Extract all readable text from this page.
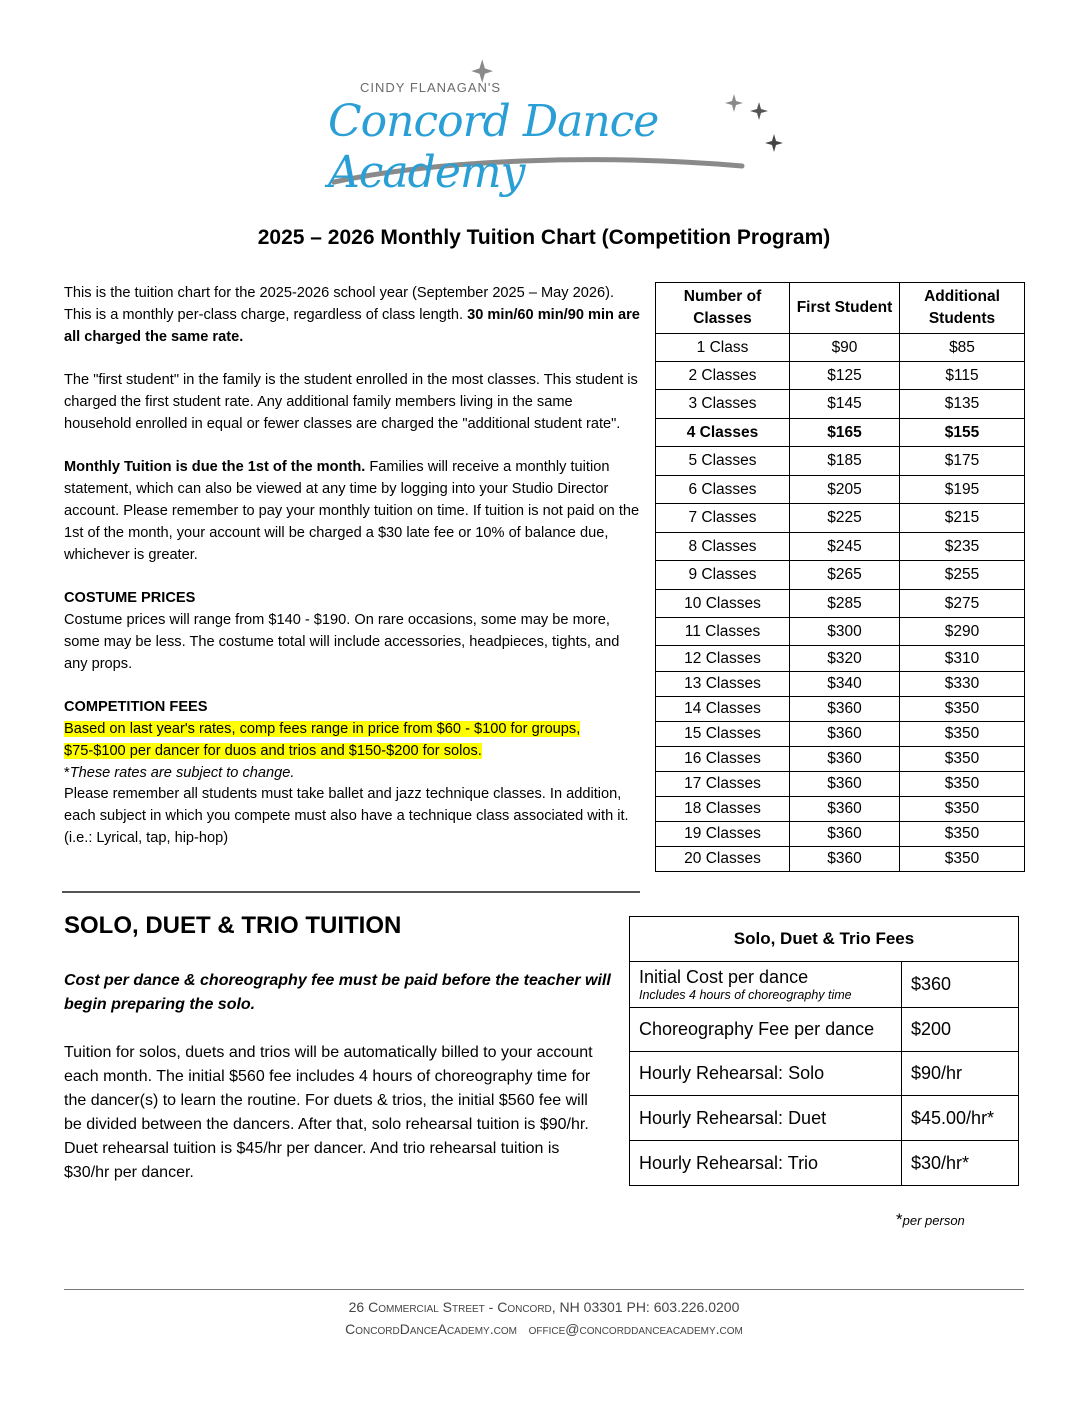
CINDY FLANAGAN'S
Concord Dance Academy
2025 – 2026 Monthly Tuition Chart (Competition Program)

This is the tuition chart for the 2025-2026 school year (September 2025 – May 2026). This is a monthly per-class charge, regardless of class length. 30 min/60 min/90 min are all charged the same rate.

The "first student" in the family is the student enrolled in the most classes. This student is charged the first student rate. Any additional family members living in the same household enrolled in equal or fewer classes are charged the "additional student rate".

Monthly Tuition is due the 1st of the month. Families will receive a monthly tuition statement, which can also be viewed at any time by logging into your Studio Director account. Please remember to pay your monthly tuition on time. If tuition is not paid on the 1st of the month, your account will be charged a $30 late fee or 10% of balance due, whichever is greater.

COSTUME PRICES
Costume prices will range from $140 - $190. On rare occasions, some may be more, some may be less. The costume total will include accessories, headpieces, tights, and any props.

COMPETITION FEES
Based on last year's rates, comp fees range in price from $60 - $100 for groups,
$75-$100 per dancer for duos and trios and $150-$200 for solos.
*These rates are subject to change.
Please remember all students must take ballet and jazz technique classes. In addition, each subject in which you compete must also have a technique class associated with it. (i.e.: Lyrical, tap, hip-hop)

Number of Classes	First Student	Additional Students
1 Class	$90	$85
2 Classes	$125	$115
3 Classes	$145	$135
4 Classes	$165	$155
5 Classes	$185	$175
6 Classes	$205	$195
7 Classes	$225	$215
8 Classes	$245	$235
9 Classes	$265	$255
10 Classes	$285	$275
11 Classes	$300	$290
12 Classes	$320	$310
13 Classes	$340	$330
14 Classes	$360	$350
15 Classes	$360	$350
16 Classes	$360	$350
17 Classes	$360	$350
18 Classes	$360	$350
19 Classes	$360	$350
20 Classes	$360	$350
SOLO, DUET & TRIO TUITION
Cost per dance & choreography fee must be paid before the teacher will begin preparing the solo.
Tuition for solos, duets and trios will be automatically billed to your account each month. The initial $560 fee includes 4 hours of choreography time for the dancer(s) to learn the routine. For duets & trios, the initial $560 fee will be divided between the dancers. After that, solo rehearsal tuition is $90/hr. Duet rehearsal tuition is $45/hr per dancer. And trio rehearsal tuition is $30/hr per dancer.
Solo, Duet & Trio Fees	
Initial Cost per dance
Includes 4 hours of choreography time	$360
Choreography Fee per dance	$200
Hourly Rehearsal: Solo	$90/hr
Hourly Rehearsal: Duet	$45.00/hr*
Hourly Rehearsal: Trio	$30/hr*
*per person
26 Commercial Street - Concord, NH 03301 PH: 603.226.0200
ConcordDanceAcademy.com   office@concorddanceacademy.com
